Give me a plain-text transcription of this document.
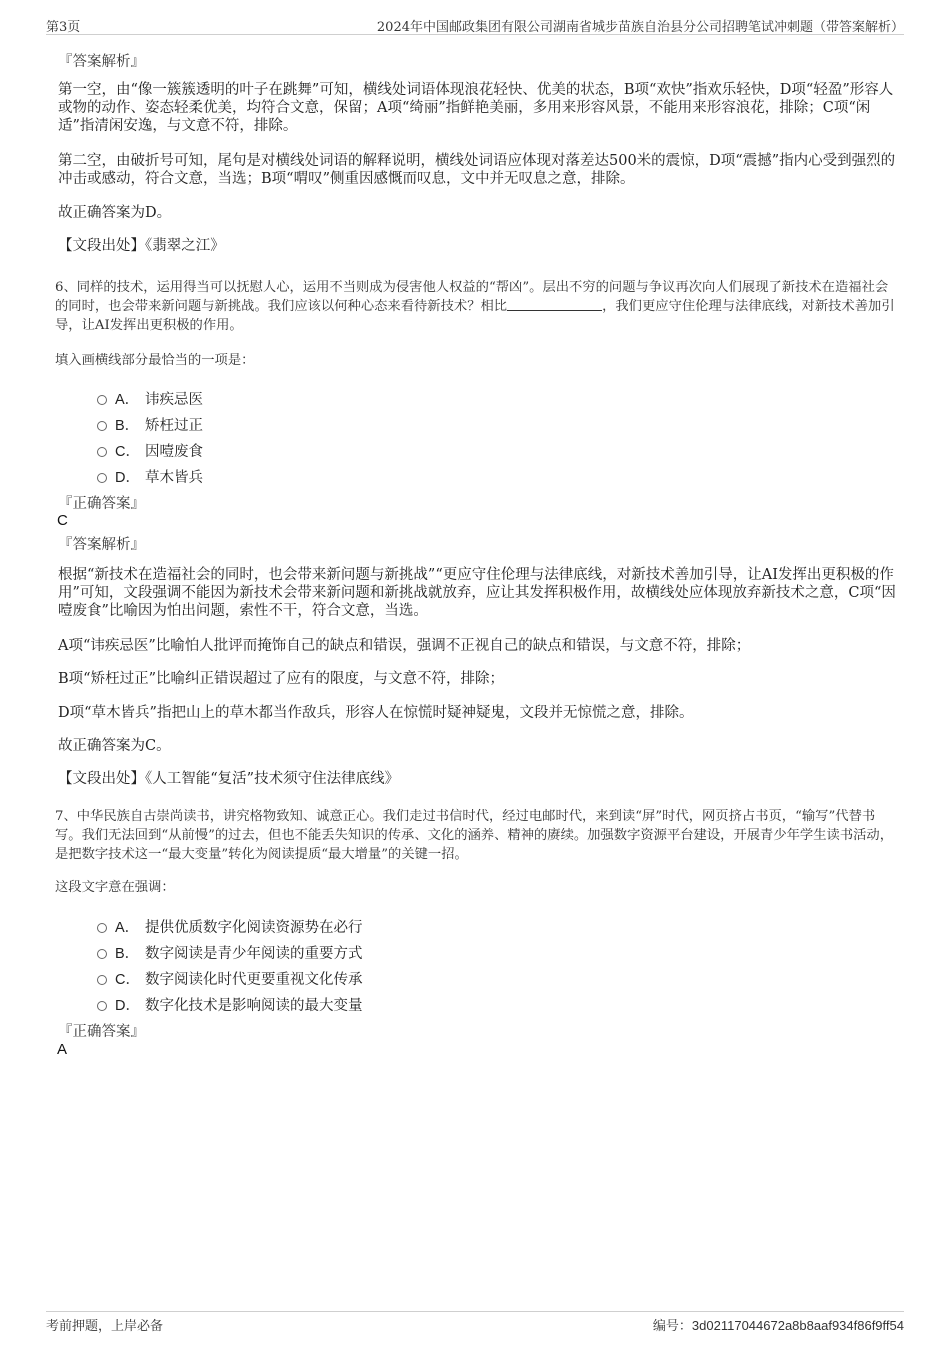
第3页	2024年中国邮政集团有限公司湖南省城步苗族自治县分公司招聘笔试冲刺题（带答案解析）
『答案解析』
第一空，由“像一簇簇透明的叶子在跳舞”可知，横线处词语体现浪花轻快、优美的状态，B项“欢快”指欢乐轻快，D项“轻盈”形容人或物的动作、姿态轻柔优美，均符合文意，保留；A项“绮丽”指鲜艳美丽，多用来形容风景，不能用来形容浪花，排除；C项“闲适”指清闲安逸，与文意不符，排除。
第二空，由破折号可知，尾句是对横线处词语的解释说明，横线处词语应体现对落差达500米的震惊，D项“震撼”指内心受到强烈的冲击或感动，符合文意，当选；B项“喟叹”侧重因感慨而叹息，文中并无叹息之意，排除。
故正确答案为D。
【文段出处】《翡翠之江》
6、同样的技术，运用得当可以抚慰人心，运用不当则成为侵害他人权益的“帮凶”。层出不穷的问题与争议再次向人们展现了新技术在造福社会的同时，也会带来新问题与新挑战。我们应该以何种心态来看待新技术？相比	，我们更应守住伦理与法律底线，对新技术善加引导，让AI发挥出更积极的作用。
填入画横线部分最恰当的一项是：
A． 讳疾忌医
B． 矫枉过正
C． 因噎废食
D． 草木皆兵
『正确答案』
C
『答案解析』
根据“新技术在造福社会的同时，也会带来新问题与新挑战”“更应守住伦理与法律底线，对新技术善加引导，让AI发挥出更积极的作用”可知，文段强调不能因为新技术会带来新问题和新挑战就放弃，应让其发挥积极作用，故横线处应体现放弃新技术之意，C项“因噎废食”比喻因为怕出问题，索性不干，符合文意，当选。
A项“讳疾忌医”比喻怕人批评而掩饰自己的缺点和错误，强调不正视自己的缺点和错误，与文意不符，排除；
B项“矫枉过正”比喻纠正错误超过了应有的限度，与文意不符，排除；
D项“草木皆兵”指把山上的草木都当作敌兵，形容人在惊慌时疑神疑鬼，文段并无惊慌之意，排除。
故正确答案为C。
【文段出处】《人工智能“复活”技术须守住法律底线》
7、中华民族自古崇尚读书，讲究格物致知、诚意正心。我们走过书信时代，经过电邮时代，来到读“屏”时代，网页挤占书页，“输写”代替书写。我们无法回到“从前慢”的过去，但也不能丢失知识的传承、文化的涵养、精神的赓续。加强数字资源平台建设，开展青少年学生读书活动，是把数字技术这一“最大变量”转化为阅读提质“最大增量”的关键一招。
这段文字意在强调：
A． 提供优质数字化阅读资源势在必行
B． 数字阅读是青少年阅读的重要方式
C． 数字阅读化时代更要重视文化传承
D． 数字化技术是影响阅读的最大变量
『正确答案』
A
考前押题，上岸必备	编号：3d02117044672a8b8aaf934f86f9ff54
